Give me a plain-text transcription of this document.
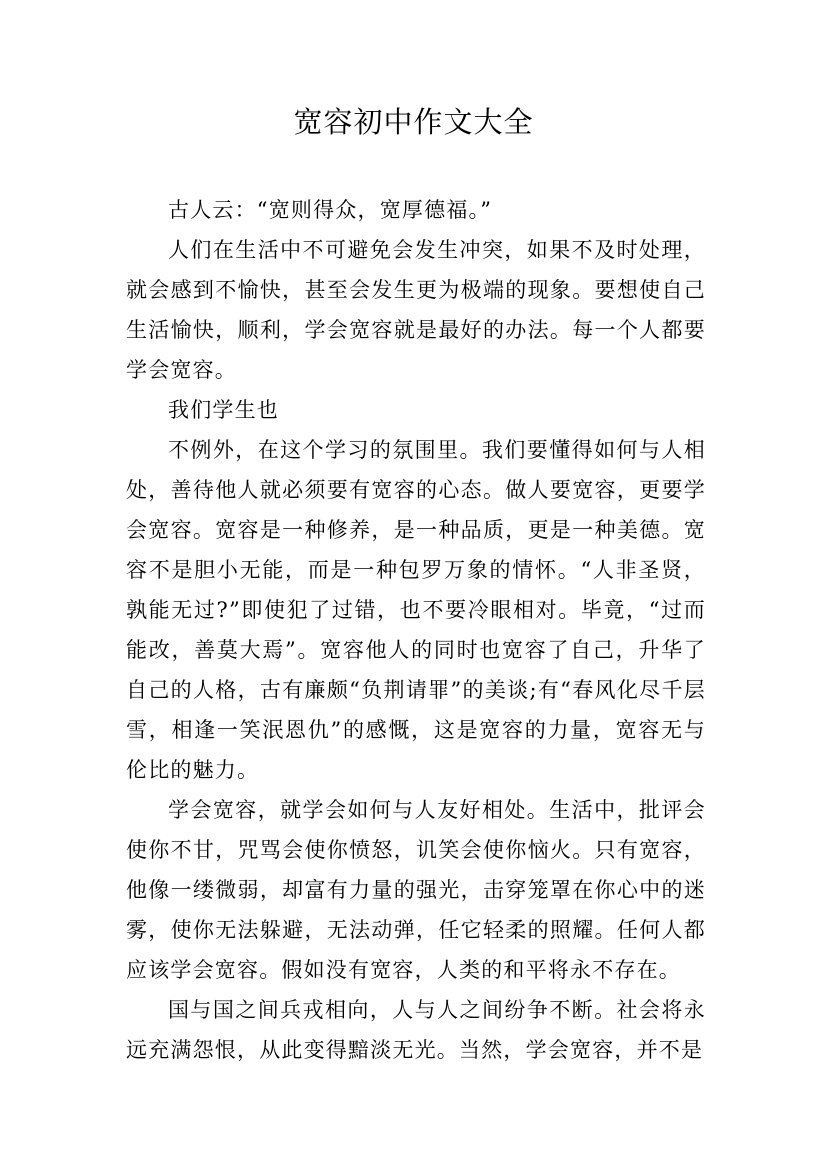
宽容初中作文大全

古人云：“宽则得众，宽厚德福。”

人们在生活中不可避免会发生冲突，如果不及时处理，就会感到不愉快，甚至会发生更为极端的现象。要想使自己生活愉快，顺利，学会宽容就是最好的办法。每一个人都要学会宽容。

我们学生也

不例外，在这个学习的氛围里。我们要懂得如何与人相处，善待他人就必须要有宽容的心态。做人要宽容，更要学会宽容。宽容是一种修养，是一种品质，更是一种美德。宽容不是胆小无能，而是一种包罗万象的情怀。“人非圣贤，孰能无过?”即使犯了过错，也不要冷眼相对。毕竟，“过而能改，善莫大焉”。宽容他人的同时也宽容了自己，升华了自己的人格，古有廉颇“负荆请罪”的美谈;有“春风化尽千层雪，相逢一笑泯恩仇”的感慨，这是宽容的力量，宽容无与伦比的魅力。

学会宽容，就学会如何与人友好相处。生活中，批评会使你不甘，咒骂会使你愤怒，讥笑会使你恼火。只有宽容，他像一缕微弱，却富有力量的强光，击穿笼罩在你心中的迷雾，使你无法躲避，无法动弹，任它轻柔的照耀。任何人都应该学会宽容。假如没有宽容，人类的和平将永不存在。

国与国之间兵戎相向，人与人之间纷争不断。社会将永远充满怨恨，从此变得黯淡无光。当然，学会宽容，并不是
